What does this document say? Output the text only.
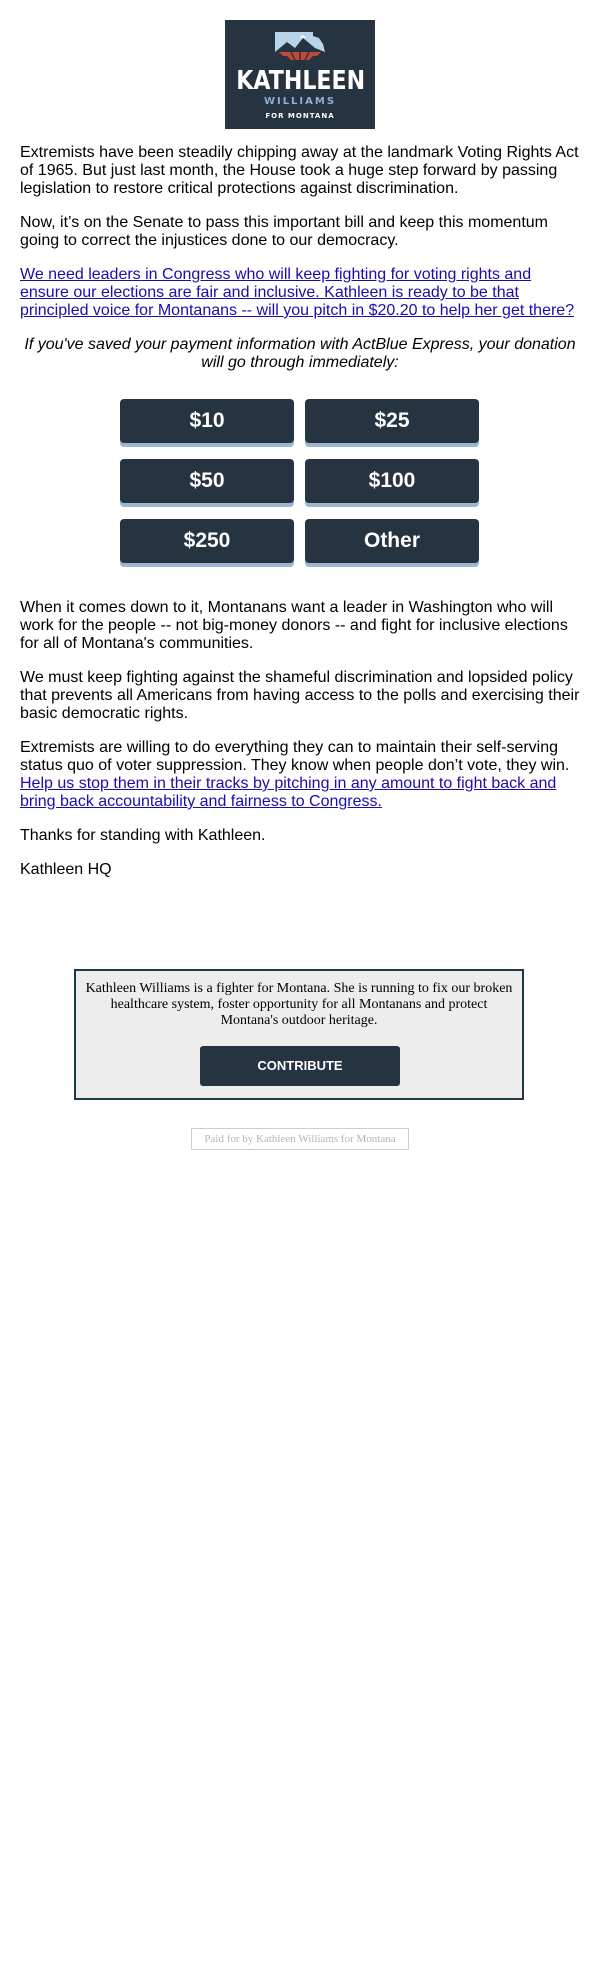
KATHLEEN
WILLIAMS
FOR MONTANA

Extremists have been steadily chipping away at the landmark Voting Rights Act of 1965. But just last month, the House took a huge step forward by passing legislation to restore critical protections against discrimination.

Now, it’s on the Senate to pass this important bill and keep this momentum going to correct the injustices done to our democracy.

We need leaders in Congress who will keep fighting for voting rights and ensure our elections are fair and inclusive. Kathleen is ready to be that principled voice for Montanans -- will you pitch in $20.20 to help her get there?

If you've saved your payment information with ActBlue Express, your donation will go through immediately:

$10	$25
$50	$100
$250	Other

When it comes down to it, Montanans want a leader in Washington who will work for the people -- not big-money donors -- and fight for inclusive elections for all of Montana's communities.

We must keep fighting against the shameful discrimination and lopsided policy that prevents all Americans from having access to the polls and exercising their basic democratic rights.

Extremists are willing to do everything they can to maintain their self-serving status quo of voter suppression. They know when people don’t vote, they win. Help us stop them in their tracks by pitching in any amount to fight back and bring back accountability and fairness to Congress.

Thanks for standing with Kathleen.

Kathleen HQ

Kathleen Williams is a fighter for Montana. She is running to fix our broken healthcare system, foster opportunity for all Montanans and protect Montana's outdoor heritage.
CONTRIBUTE
Paid for by Kathleen Williams for Montana
